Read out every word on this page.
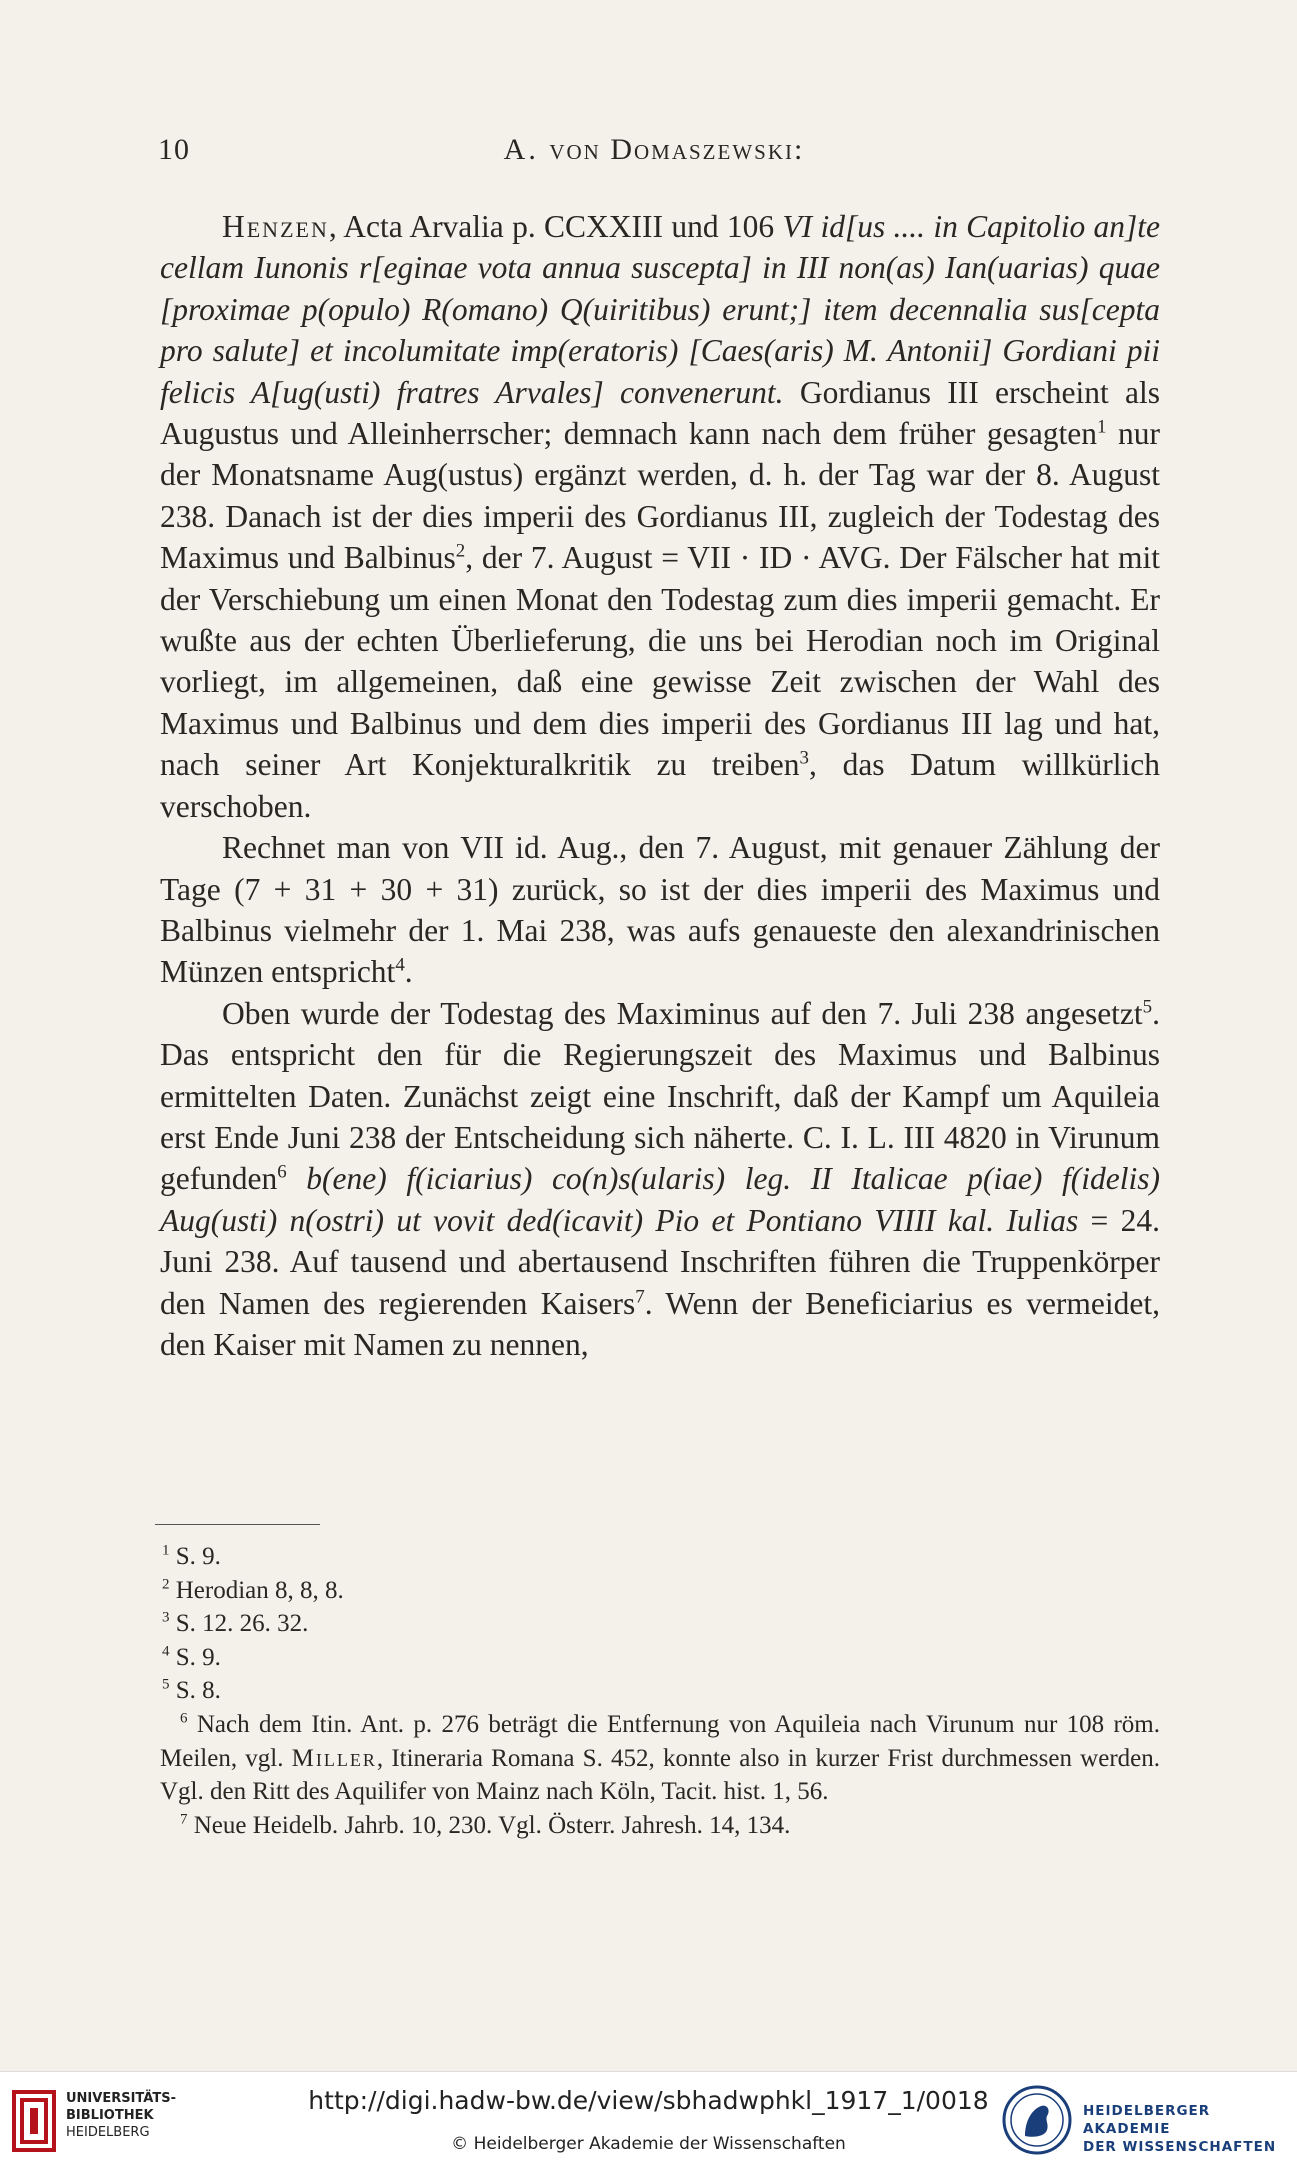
10	A. von Domaszewski:

Henzen, Acta Arvalia p. CCXXIII und 106 VI id[us .... in Capitolio an]te cellam Iunonis r[eginae vota annua suscepta] in III non(as) Ian(uarias) quae [proximae p(opulo) R(omano) Q(uiritibus) erunt;] item decennalia sus[cepta pro salute] et incolumitate imp(eratoris) [Caes(aris) M. Antonii] Gordiani pii felicis A[ug(usti) fratres Arvales] convenerunt. Gordianus III erscheint als Augustus und Alleinherrscher; demnach kann nach dem früher gesagten$^1$ nur der Monatsname Aug(ustus) ergänzt werden, d. h. der Tag war der 8. August 238. Danach ist der dies imperii des Gordianus III, zugleich der Todestag des Maximus und Balbinus$^2$, der 7. August = VII · ID · AVG. Der Fälscher hat mit der Verschiebung um einen Monat den Todestag zum dies imperii gemacht. Er wußte aus der echten Überlieferung, die uns bei Herodian noch im Original vorliegt, im allgemeinen, daß eine gewisse Zeit zwischen der Wahl des Maximus und Balbinus und dem dies imperii des Gordianus III lag und hat, nach seiner Art Konjekturalkritik zu treiben$^3$, das Datum willkürlich verschoben.

Rechnet man von VII id. Aug., den 7. August, mit genauer Zählung der Tage (7 + 31 + 30 + 31) zurück, so ist der dies imperii des Maximus und Balbinus vielmehr der 1. Mai 238, was aufs genaueste den alexandrinischen Münzen entspricht$^4$.

Oben wurde der Todestag des Maximinus auf den 7. Juli 238 angesetzt$^5$. Das entspricht den für die Regierungszeit des Maximus und Balbinus ermittelten Daten. Zunächst zeigt eine Inschrift, daß der Kampf um Aquileia erst Ende Juni 238 der Entscheidung sich näherte. C. I. L. III 4820 in Virunum gefunden$^6$ b(ene) f(iciarius) co(n)s(ularis) leg. II Italicae p(iae) f(idelis) Aug(usti) n(ostri) ut vovit ded(icavit) Pio et Pontiano VIIII kal. Iulias = 24. Juni 238. Auf tausend und abertausend Inschriften führen die Truppenkörper den Namen des regierenden Kaisers$^7$. Wenn der Beneficiarius es vermeidet, den Kaiser mit Namen zu nennen,

$^1$ S. 9.

$^2$ Herodian 8, 8, 8.

$^3$ S. 12. 26. 32.

$^4$ S. 9.

$^5$ S. 8.

$^6$ Nach dem Itin. Ant. p. 276 beträgt die Entfernung von Aquileia nach Virunum nur 108 röm. Meilen, vgl. Miller, Itineraria Romana S. 452, konnte also in kurzer Frist durchmessen werden. Vgl. den Ritt des Aquilifer von Mainz nach Köln, Tacit. hist. 1, 56.

$^7$ Neue Heidelb. Jahrb. 10, 230. Vgl. Österr. Jahresh. 14, 134.

UNIVERSITÄTS-
BIBLIOTHEK
HEIDELBERG
http://digi.hadw-bw.de/view/sbhadwphkl_1917_1/0018
© Heidelberger Akademie der Wissenschaften
HEIDELBERGER AKADEMIE
DER WISSENSCHAFTEN
